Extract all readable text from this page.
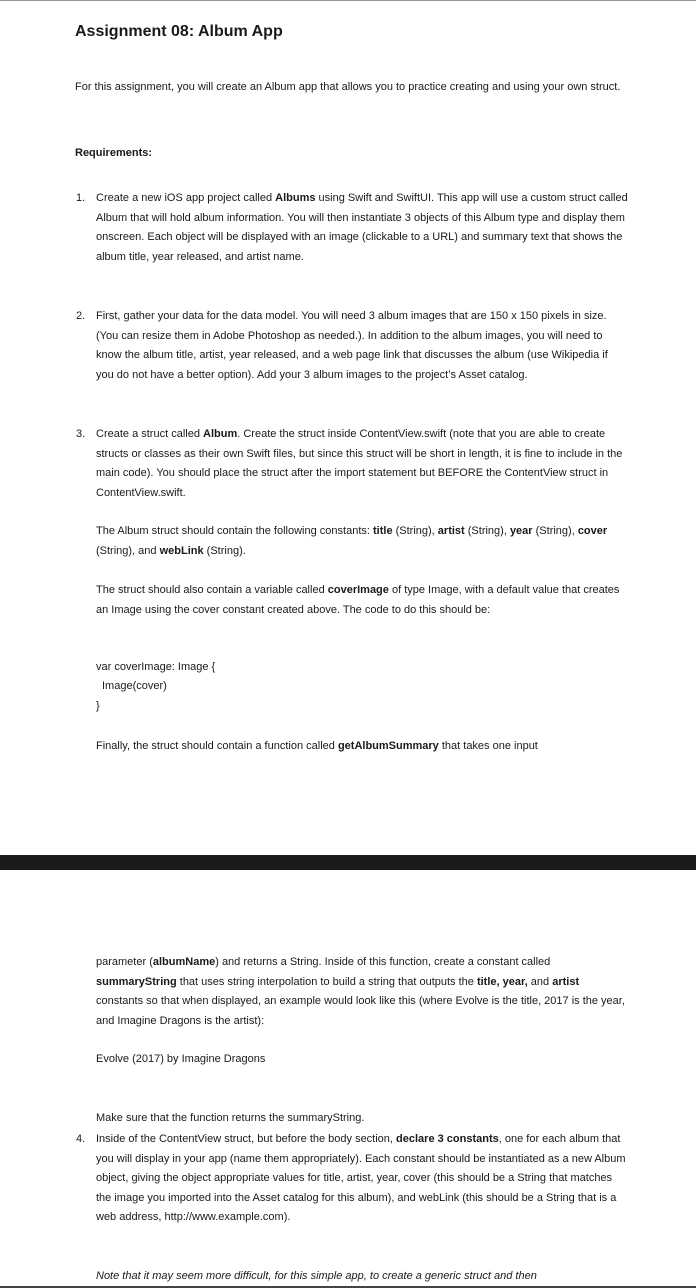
Assignment 08: Album App

For this assignment, you will create an Album app that allows you to practice creating and using your own struct.

Requirements:
1. Create a new iOS app project called Albums using Swift and SwiftUI. This app will use a custom struct called Album that will hold album information. You will then instantiate 3 objects of this Album type and display them onscreen. Each object will be displayed with an image (clickable to a URL) and summary text that shows the album title, year released, and artist name.

2. First, gather your data for the data model. You will need 3 album images that are 150 x 150 pixels in size. (You can resize them in Adobe Photoshop as needed.). In addition to the album images, you will need to know the album title, artist, year released, and a web page link that discusses the album (use Wikipedia if you do not have a better option). Add your 3 album images to the project’s Asset catalog.

3. Create a struct called Album. Create the struct inside ContentView.swift (note that you are able to create structs or classes as their own Swift files, but since this struct will be short in length, it is fine to include in the main code). You should place the struct after the import statement but BEFORE the ContentView struct in ContentView.swift.

The Album struct should contain the following constants: title (String), artist (String), year (String), cover (String), and webLink (String).

The struct should also contain a variable called coverImage of type Image, with a default value that creates an Image using the cover constant created above. The code to do this should be:

var coverImage: Image {
Image(cover)
}
Finally, the struct should contain a function called getAlbumSummary that takes one input

parameter (albumName) and returns a String. Inside of this function, create a constant called summaryString that uses string interpolation to build a string that outputs the title, year, and artist constants so that when displayed, an example would look like this (where Evolve is the title, 2017 is the year, and Imagine Dragons is the artist):

Evolve (2017) by Imagine Dragons
Make sure that the function returns the summaryString.
4. Inside of the ContentView struct, but before the body section, declare 3 constants, one for each album that you will display in your app (name them appropriately). Each constant should be instantiated as a new Album object, giving the object appropriate values for title, artist, year, cover (this should be a String that matches the image you imported into the Asset catalog for this album), and webLink (this should be a String that is a web address, http://www.example.com).

Note that it may seem more difficult, for this simple app, to create a generic struct and then
